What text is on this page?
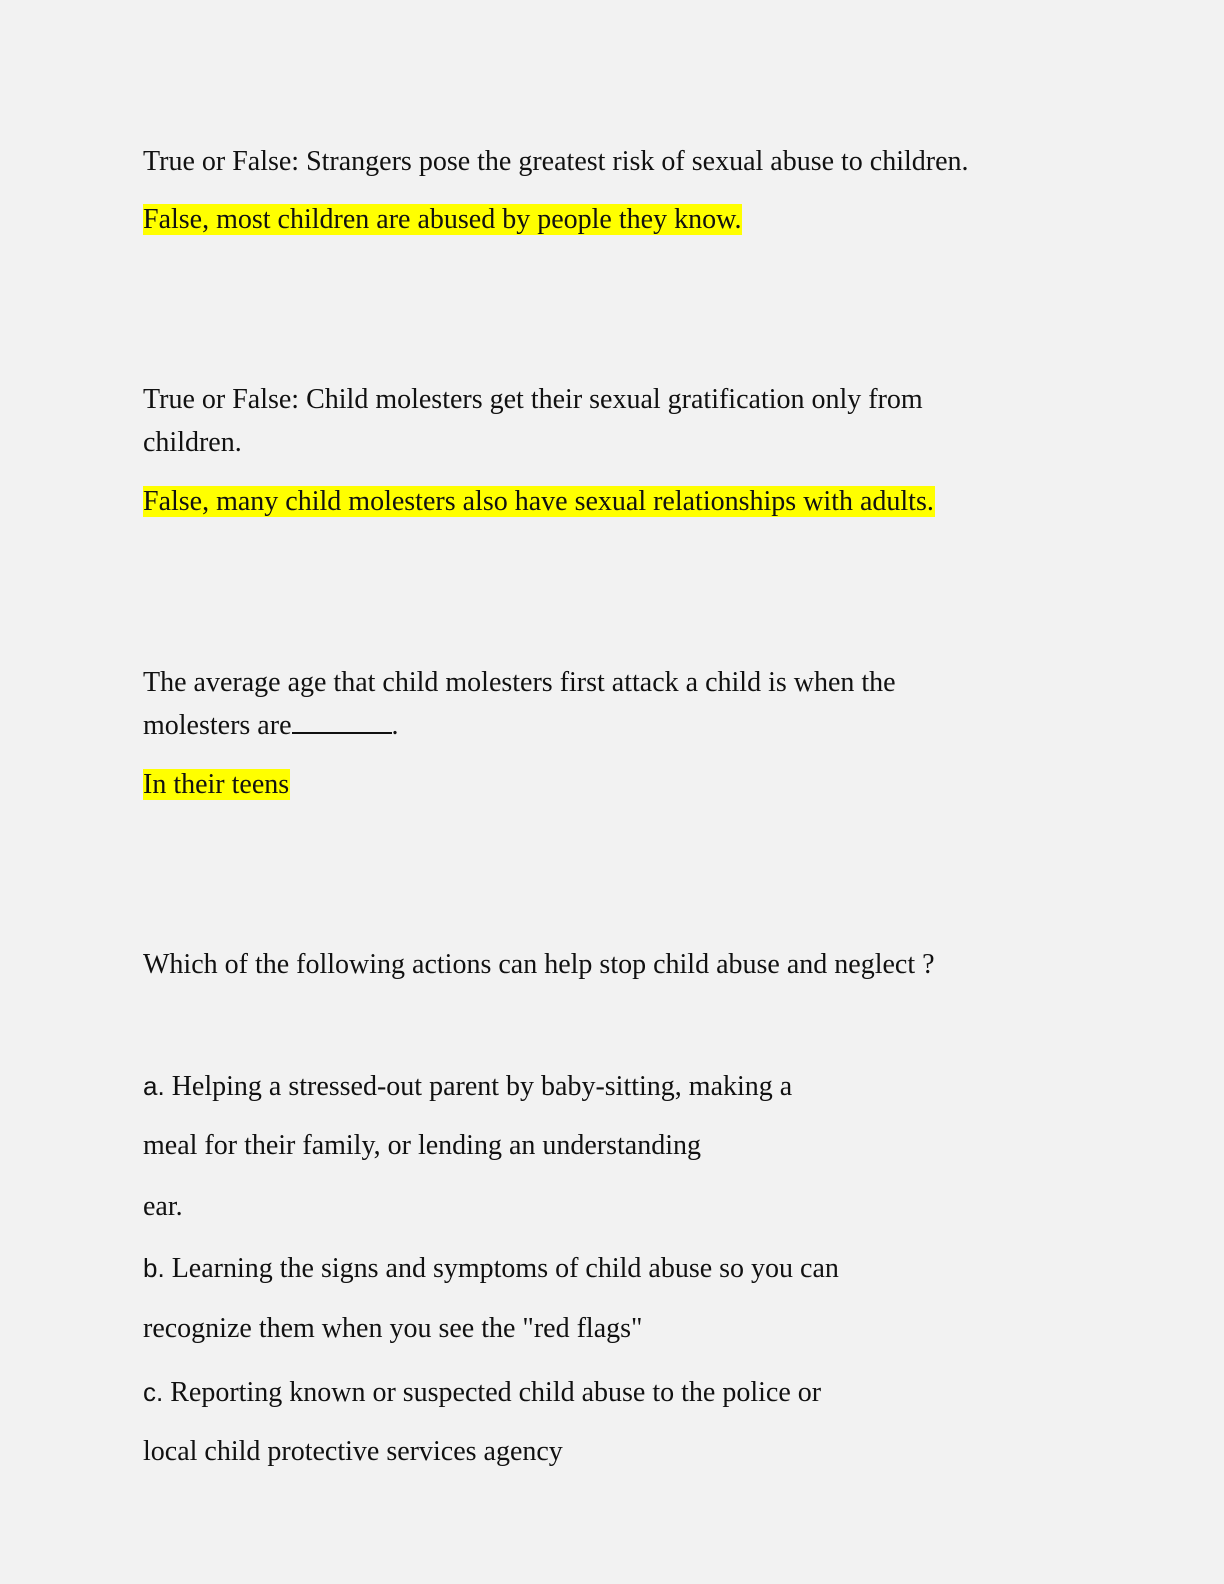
True or False: Strangers pose the greatest risk of sexual abuse to children.

False, most children are abused by people they know.

True or False: Child molesters get their sexual gratification only from

children.

False, many child molesters also have sexual relationships with adults.

The average age that child molesters first attack a child is when the

molesters are	.

In their teens

Which of the following actions can help stop child abuse and neglect ?

a. Helping a stressed-out parent by baby-sitting, making a

meal for their family, or lending an understanding

ear.

b. Learning the signs and symptoms of child abuse so you can

recognize them when you see the "red flags"

c. Reporting known or suspected child abuse to the police or

local child protective services agency
